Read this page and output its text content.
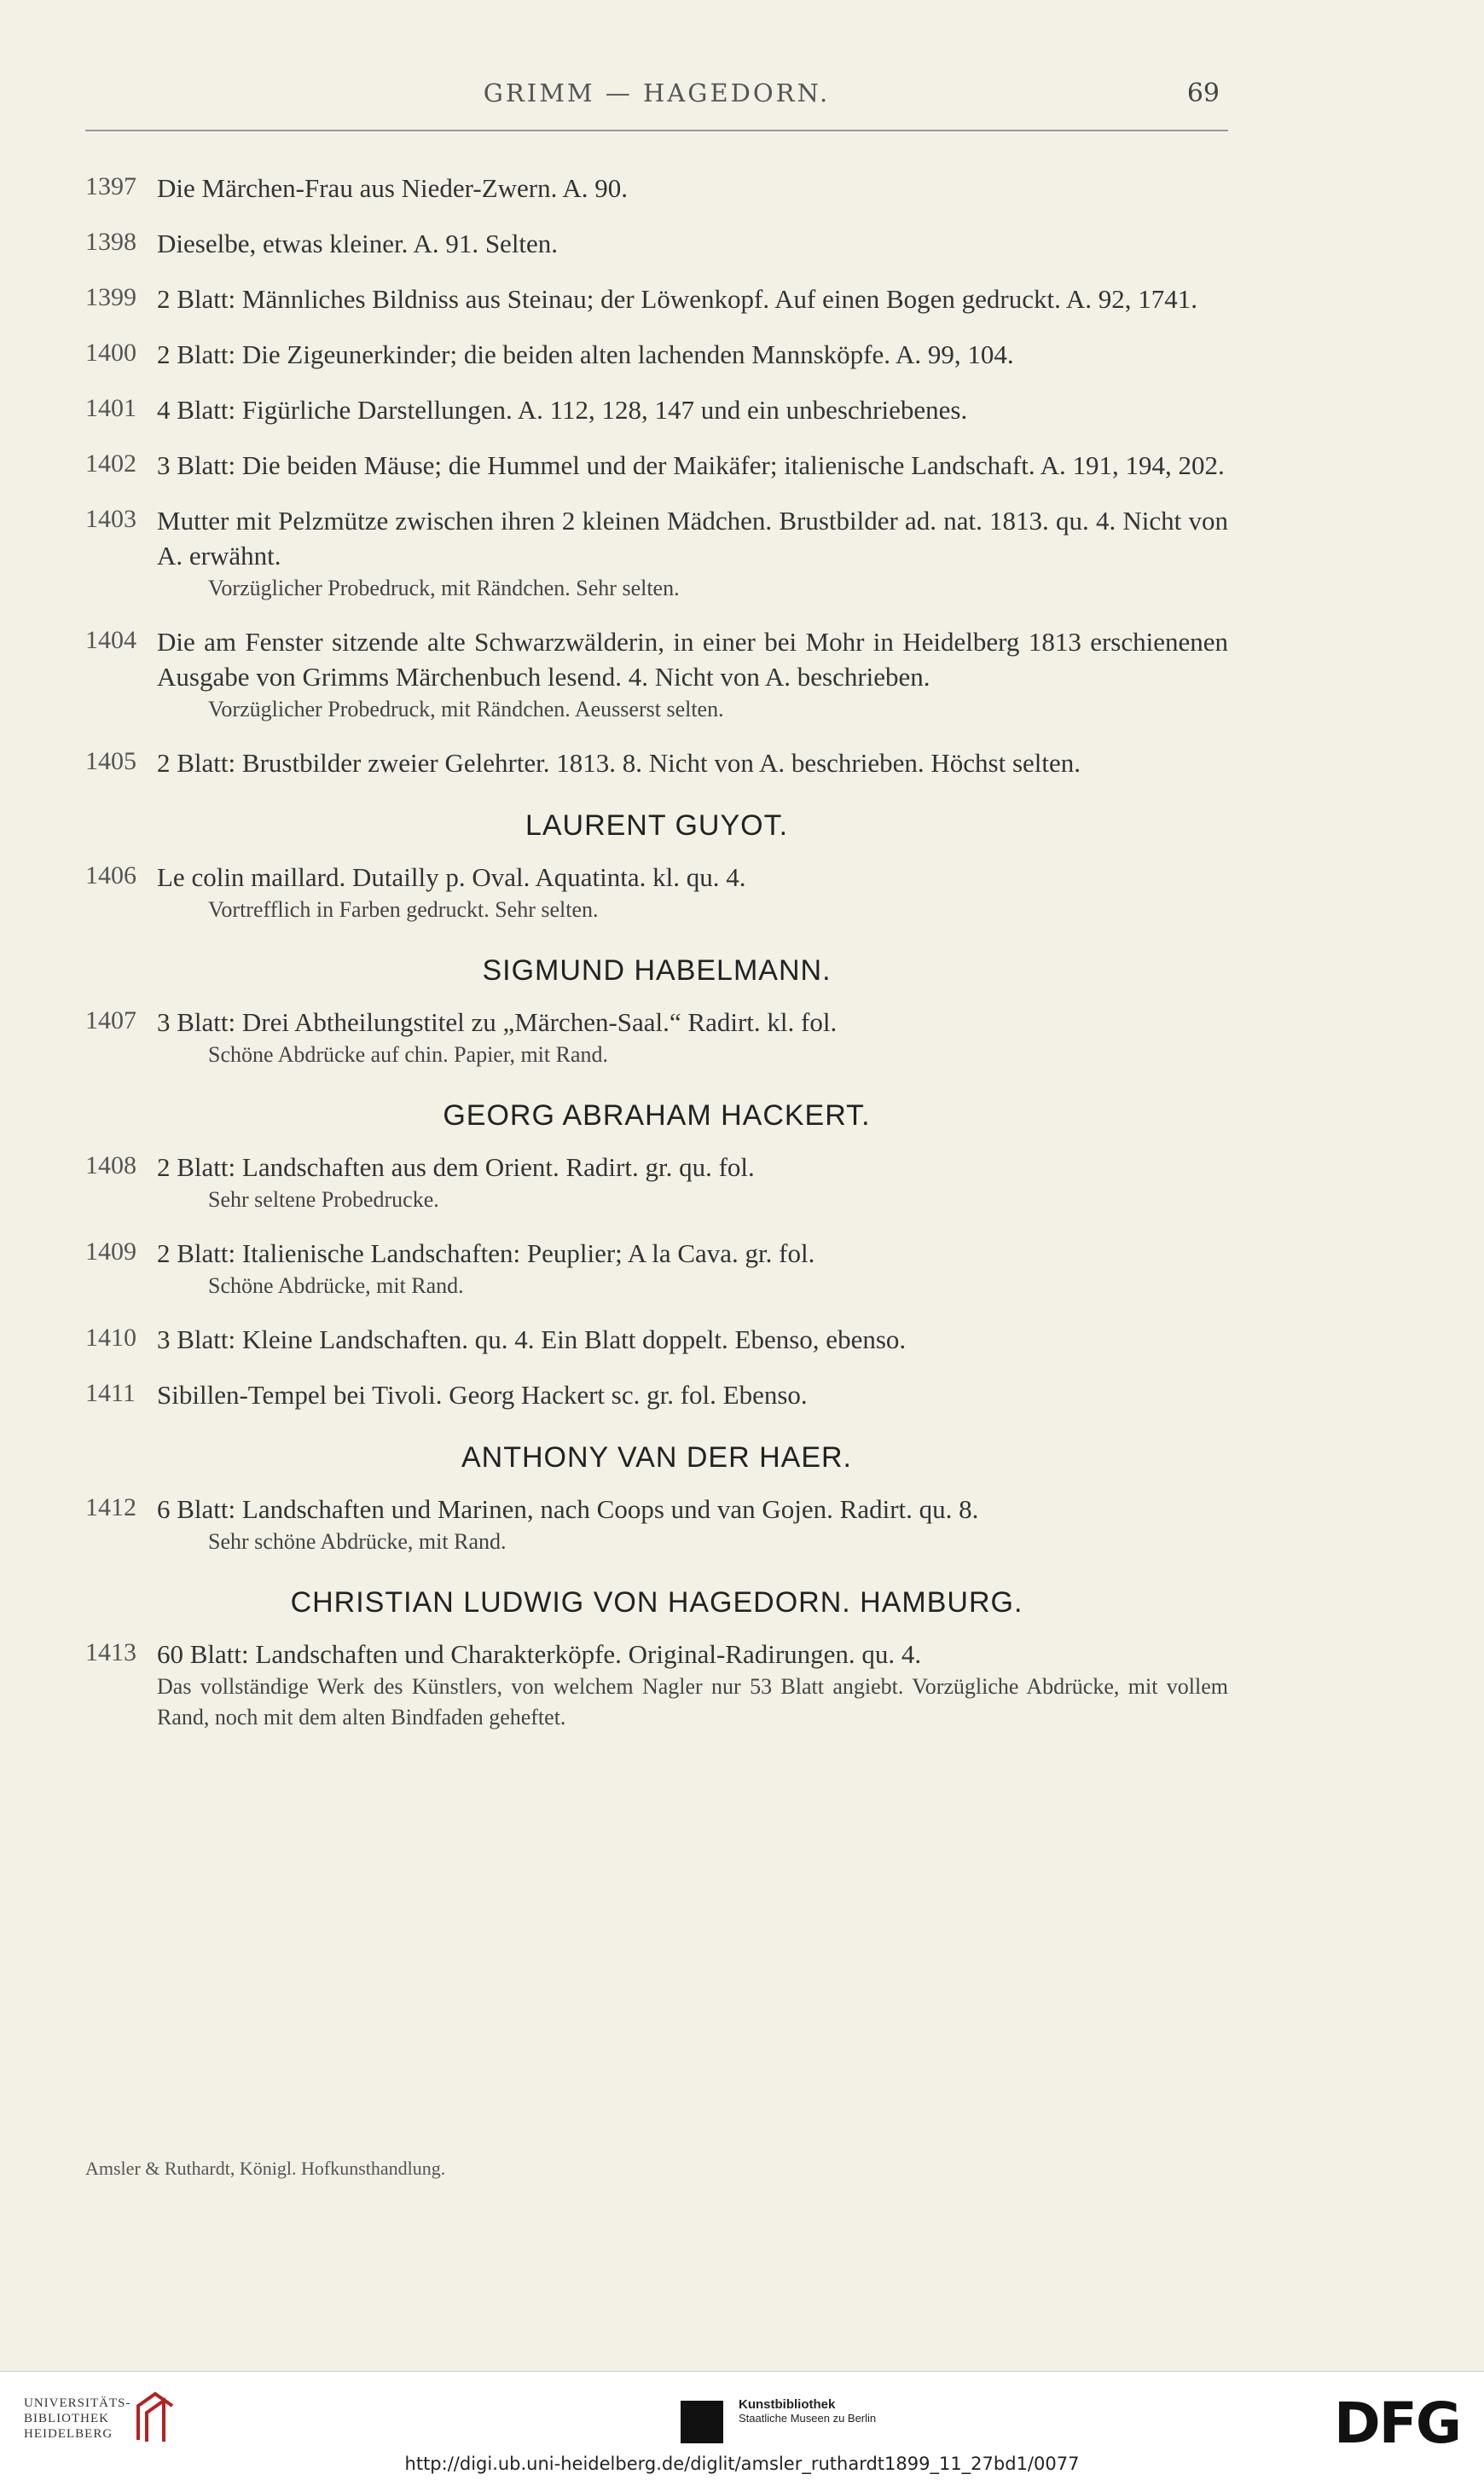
GRIMM — HAGEDORN.	69
1397 Die Märchen-Frau aus Nieder-Zwern. A. 90.
1398 Dieselbe, etwas kleiner. A. 91. Selten.
1399 2 Blatt: Männliches Bildniss aus Steinau; der Löwenkopf. Auf einen Bogen gedruckt. A. 92, 1741.
1400 2 Blatt: Die Zigeunerkinder; die beiden alten lachenden Mannsköpfe. A. 99, 104.
1401 4 Blatt: Figürliche Darstellungen. A. 112, 128, 147 und ein unbeschriebenes.
1402 3 Blatt: Die beiden Mäuse; die Hummel und der Maikäfer; italienische Landschaft. A. 191, 194, 202.
1403 Mutter mit Pelzmütze zwischen ihren 2 kleinen Mädchen. Brustbilder ad. nat. 1813. qu. 4. Nicht von A. erwähnt.
Vorzüglicher Probedruck, mit Rändchen. Sehr selten.
1404 Die am Fenster sitzende alte Schwarzwälderin, in einer bei Mohr in Heidelberg 1813 erschienenen Ausgabe von Grimms Märchenbuch lesend. 4. Nicht von A. beschrieben.
Vorzüglicher Probedruck, mit Rändchen. Aeusserst selten.
1405 2 Blatt: Brustbilder zweier Gelehrter. 1813. 8. Nicht von A. beschrieben. Höchst selten.
LAURENT GUYOT.
1406 Le colin maillard. Dutailly p. Oval. Aquatinta. kl. qu. 4.
Vortrefflich in Farben gedruckt. Sehr selten.
SIGMUND HABELMANN.
1407 3 Blatt: Drei Abtheilungstitel zu „Märchen-Saal.“ Radirt. kl. fol.
Schöne Abdrücke auf chin. Papier, mit Rand.
GEORG ABRAHAM HACKERT.
1408 2 Blatt: Landschaften aus dem Orient. Radirt. gr. qu. fol.
Sehr seltene Probedrucke.
1409 2 Blatt: Italienische Landschaften: Peuplier; A la Cava. gr. fol.
Schöne Abdrücke, mit Rand.
1410 3 Blatt: Kleine Landschaften. qu. 4. Ein Blatt doppelt. Ebenso, ebenso.
1411 Sibillen-Tempel bei Tivoli. Georg Hackert sc. gr. fol. Ebenso.
ANTHONY VAN DER HAER.
1412 6 Blatt: Landschaften und Marinen, nach Coops und van Gojen. Radirt. qu. 8.
Sehr schöne Abdrücke, mit Rand.
CHRISTIAN LUDWIG VON HAGEDORN. HAMBURG.
1413 60 Blatt: Landschaften und Charakterköpfe. Original-Radirungen. qu. 4.
Das vollständige Werk des Künstlers, von welchem Nagler nur 53 Blatt angiebt. Vorzügliche Abdrücke, mit vollem Rand, noch mit dem alten Bindfaden geheftet.
Amsler & Ruthardt, Königl. Hofkunsthandlung.
UNIVERSITÄTS-
BIBLIOTHEK
HEIDELBERG
Kunstbibliothek
Staatliche Museen zu Berlin	DFG
http://digi.ub.uni-heidelberg.de/diglit/amsler_ruthardt1899_11_27bd1/0077
